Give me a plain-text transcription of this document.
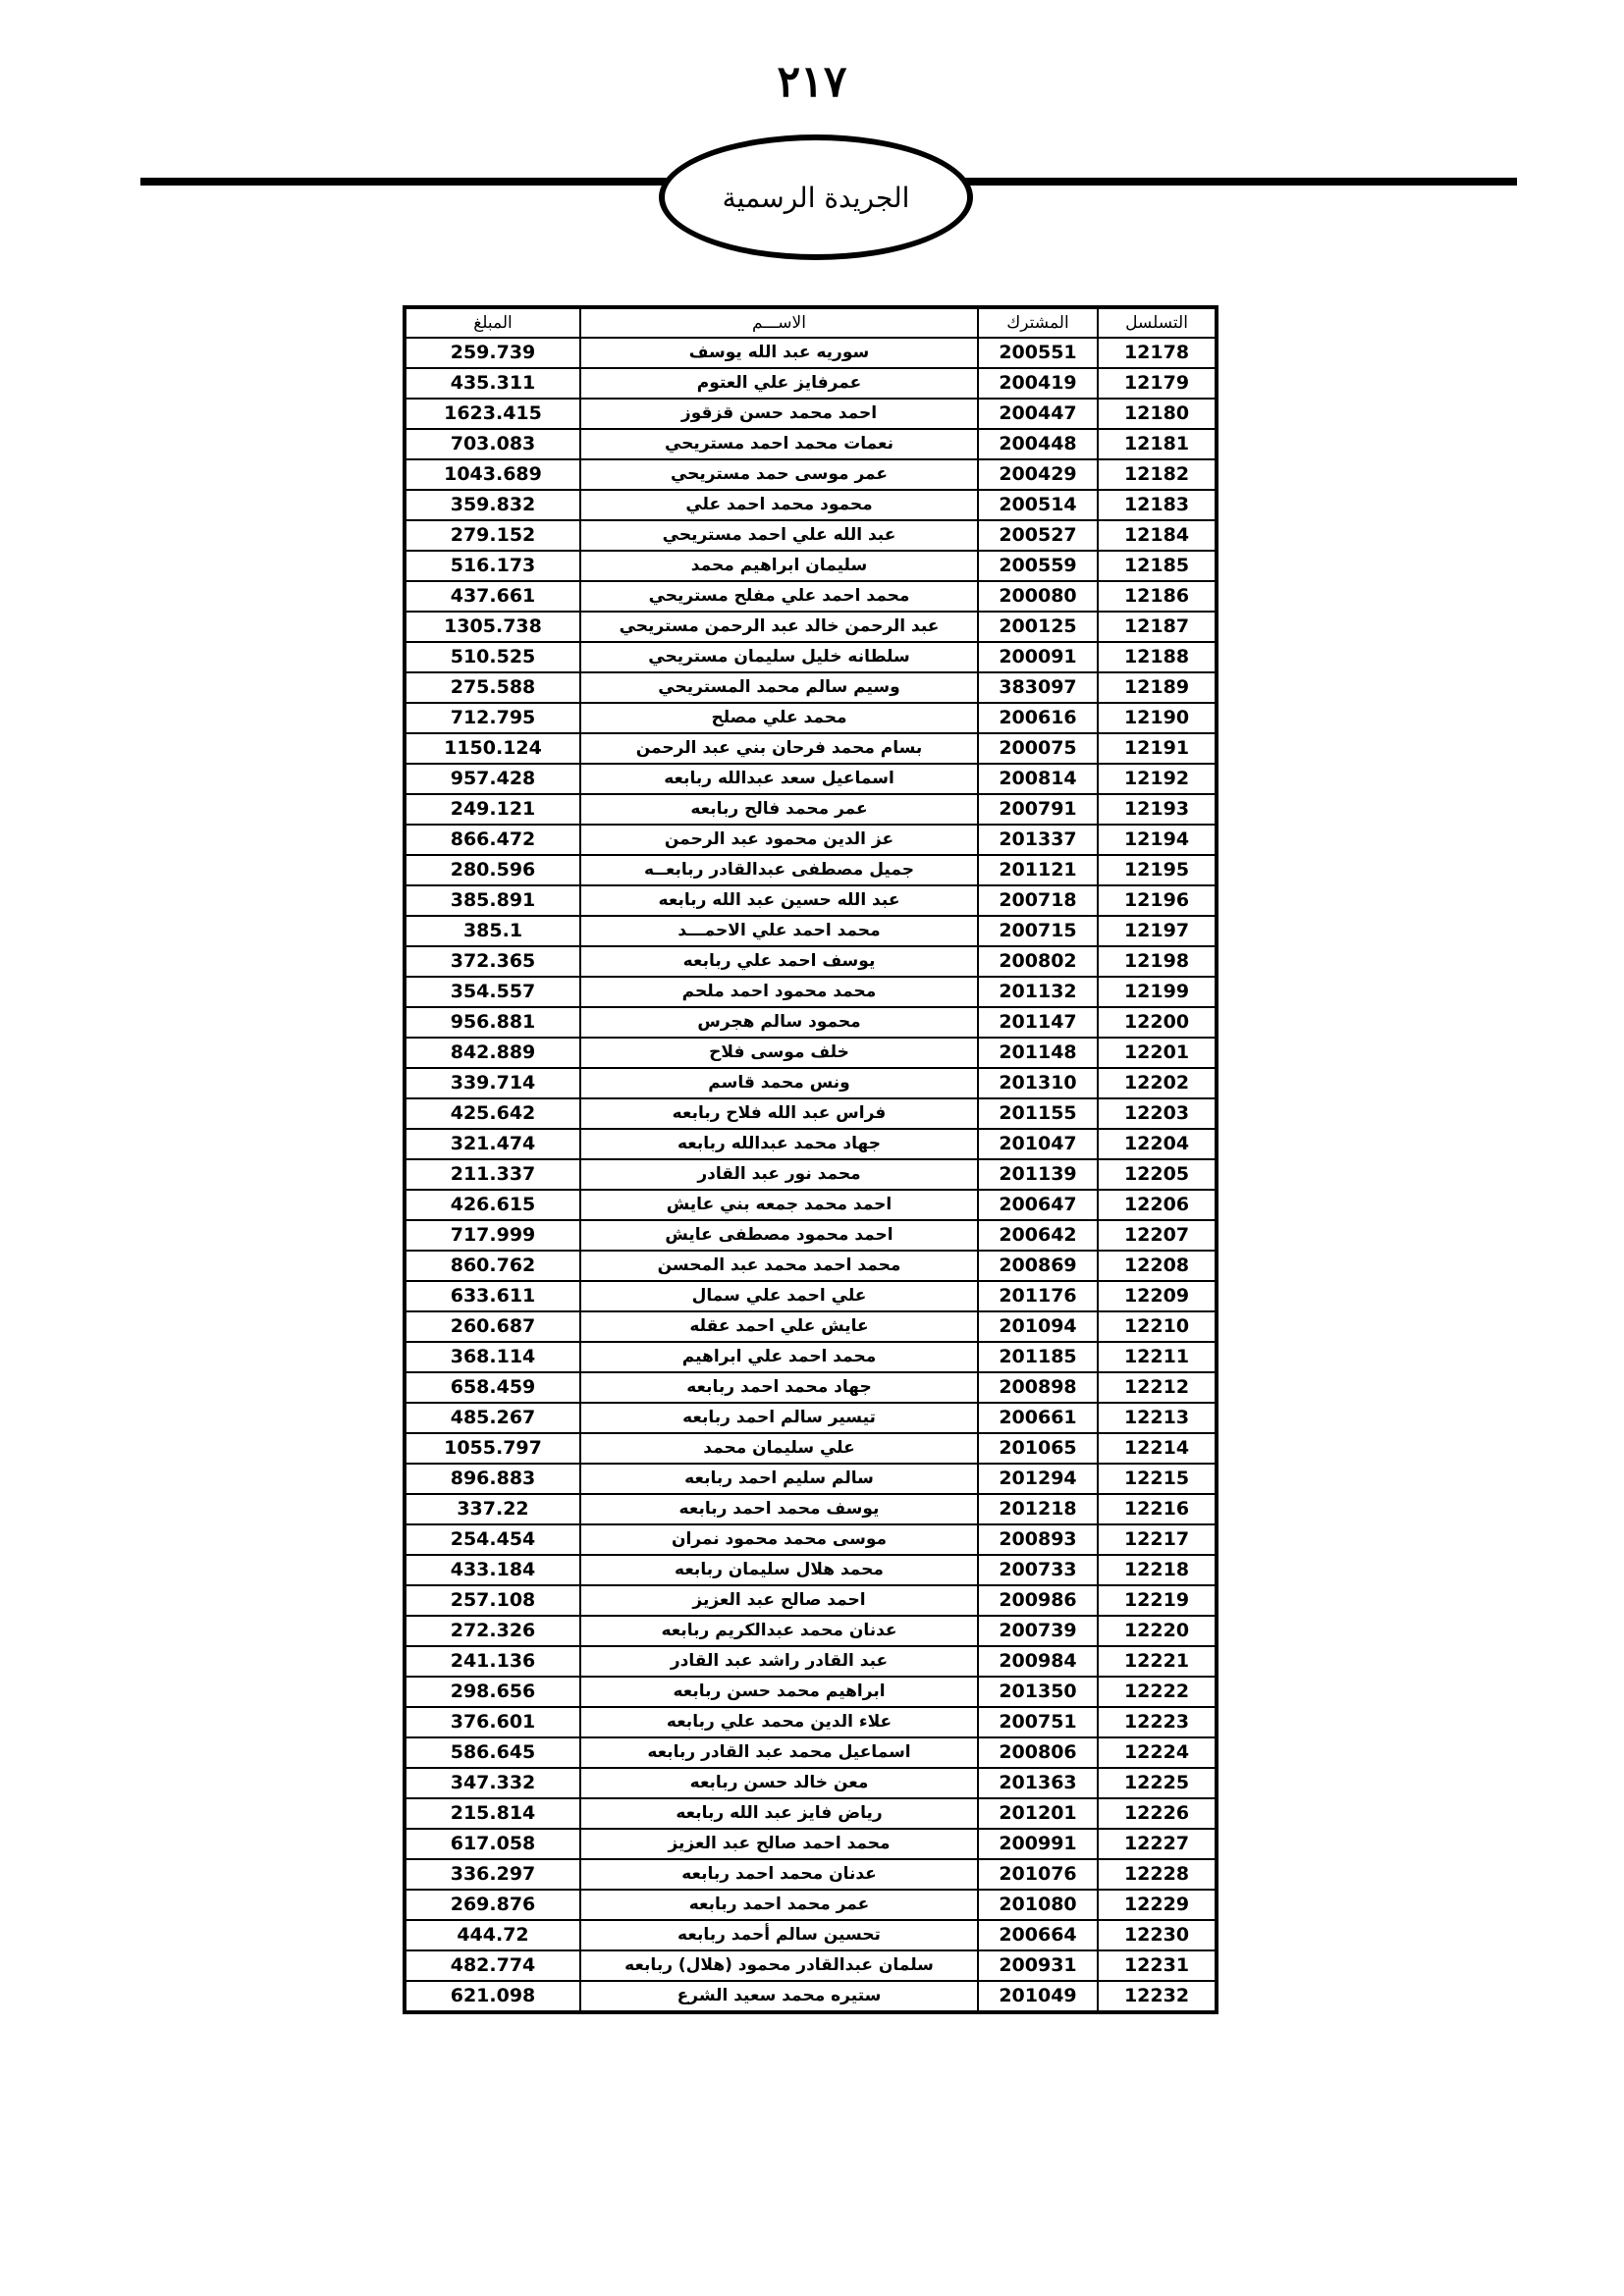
٢١٧
الجريدة الرسمية
التسلسل	المشترك	الاســـم	المبلغ
12178	200551	سوريه عبد الله يوسف	259.739
12179	200419	عمرفايز علي العتوم	435.311
12180	200447	احمد محمد حسن قزقوز	1623.415
12181	200448	نعمات محمد احمد مستريحي	703.083
12182	200429	عمر موسى حمد مستريحي	1043.689
12183	200514	محمود محمد احمد علي	359.832
12184	200527	عبد الله علي احمد مستريحي	279.152
12185	200559	سليمان ابراهيم محمد	516.173
12186	200080	محمد احمد علي مفلح مستريحي	437.661
12187	200125	عبد الرحمن خالد عبد الرحمن مستريحي	1305.738
12188	200091	سلطانه خليل سليمان مستريحي	510.525
12189	383097	وسيم سالم محمد المستريحي	275.588
12190	200616	محمد علي مصلح	712.795
12191	200075	بسام محمد فرحان بني عبد الرحمن	1150.124
12192	200814	اسماعيل سعد عبدالله ربابعه	957.428
12193	200791	عمر محمد فالح ربابعه	249.121
12194	201337	عز الدين محمود عبد الرحمن	866.472
12195	201121	جميل مصطفى عبدالقادر ربابعــه	280.596
12196	200718	عبد الله حسين عبد الله ربابعه	385.891
12197	200715	محمد احمد علي الاحمـــد	385.1
12198	200802	يوسف احمد علي ربابعه	372.365
12199	201132	محمد محمود احمد ملحم	354.557
12200	201147	محمود سالم هجرس	956.881
12201	201148	خلف موسى فلاح	842.889
12202	201310	ونس محمد قاسم	339.714
12203	201155	فراس عبد الله فلاح ربابعه	425.642
12204	201047	جهاد محمد عبدالله ربابعه	321.474
12205	201139	محمد نور عبد القادر	211.337
12206	200647	احمد محمد جمعه بني عايش	426.615
12207	200642	احمد محمود مصطفى عايش	717.999
12208	200869	محمد احمد محمد عبد المحسن	860.762
12209	201176	علي احمد علي سمال	633.611
12210	201094	عايش علي احمد عقله	260.687
12211	201185	محمد احمد علي ابراهيم	368.114
12212	200898	جهاد محمد احمد ربابعه	658.459
12213	200661	تيسير سالم احمد ربابعه	485.267
12214	201065	علي سليمان محمد	1055.797
12215	201294	سالم سليم احمد ربابعه	896.883
12216	201218	يوسف محمد احمد ربابعه	337.22
12217	200893	موسى محمد محمود نمران	254.454
12218	200733	محمد هلال سليمان ربابعه	433.184
12219	200986	احمد صالح عبد العزيز	257.108
12220	200739	عدنان محمد عبدالكريم ربابعه	272.326
12221	200984	عبد القادر راشد عبد القادر	241.136
12222	201350	ابراهيم محمد حسن ربابعه	298.656
12223	200751	علاء الدين محمد علي ربابعه	376.601
12224	200806	اسماعيل محمد عبد القادر ربابعه	586.645
12225	201363	معن خالد حسن ربابعه	347.332
12226	201201	رياض فايز عبد الله ربابعه	215.814
12227	200991	محمد احمد صالح عبد العزيز	617.058
12228	201076	عدنان محمد احمد ربابعه	336.297
12229	201080	عمر محمد احمد ربابعه	269.876
12230	200664	تحسين سالم أحمد ربابعه	444.72
12231	200931	سلمان عبدالقادر محمود (هلال) ربابعه	482.774
12232	201049	ستيره محمد سعيد الشرع	621.098
